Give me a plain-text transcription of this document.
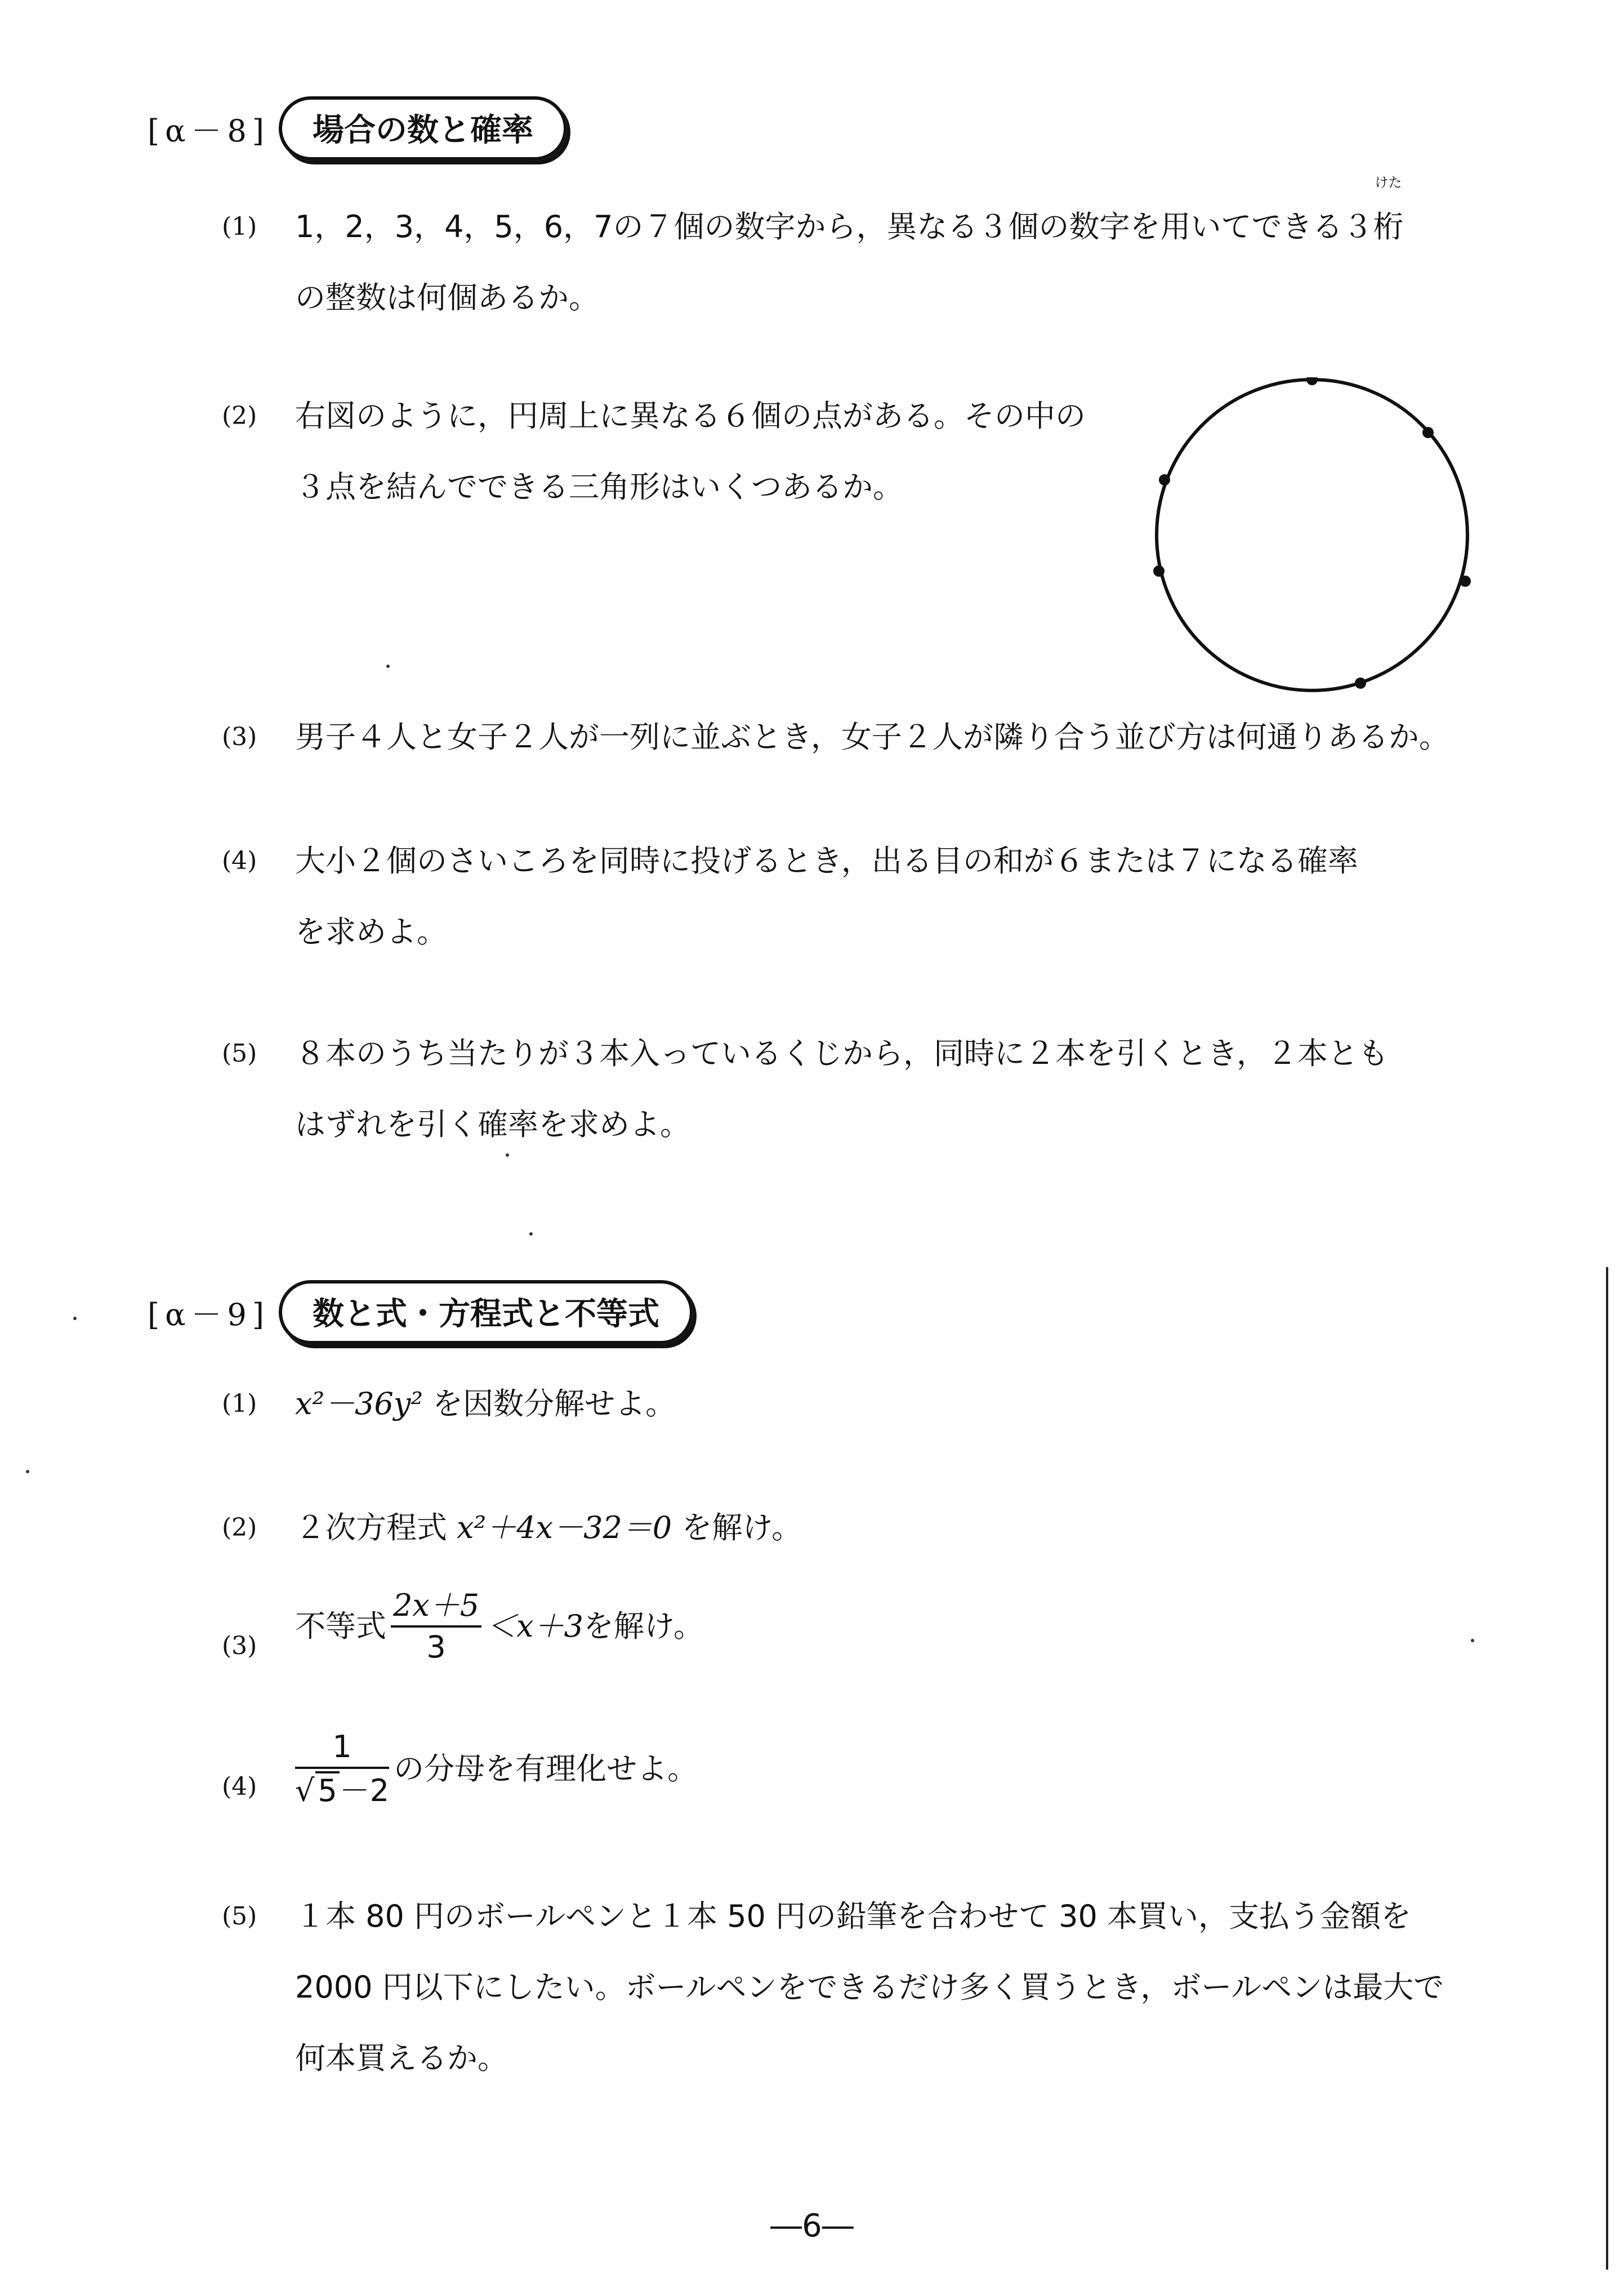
[α－8]	場合の数と確率
(1) 1，2，3，4，5，6，7の７個の数字から，異なる３個の数字を用いてできる３桁
けた
の整数は何個あるか。
(2) 右図のように，円周上に異なる６個の点がある。その中の
３点を結んでできる三角形はいくつあるか。
(3) 男子４人と女子２人が一列に並ぶとき，女子２人が隣り合う並び方は何通りあるか。
(4) 大小２個のさいころを同時に投げるとき，出る目の和が６または７になる確率
を求めよ。
(5) ８本のうち当たりが３本入っているくじから，同時に２本を引くとき，２本とも
はずれを引く確率を求めよ。
[α－9]	数と式・方程式と不等式
(1) x²－36y² を因数分解せよ。
(2) ２次方程式 x²＋4x－32＝0 を解け。
(3)
不等式 $\frac{2x+5}{3} <x+3$ を解け。
$(4) \frac{1}{√ 5-2}$ の分母を有理化せよ。
(5) １本 80 円のボールペンと１本 50 円の鉛筆を合わせて 30 本買い，支払う金額を
2000 円以下にしたい。ボールペンをできるだけ多く買うとき，ボールペンは最大で
何本買えるか。
―6―
